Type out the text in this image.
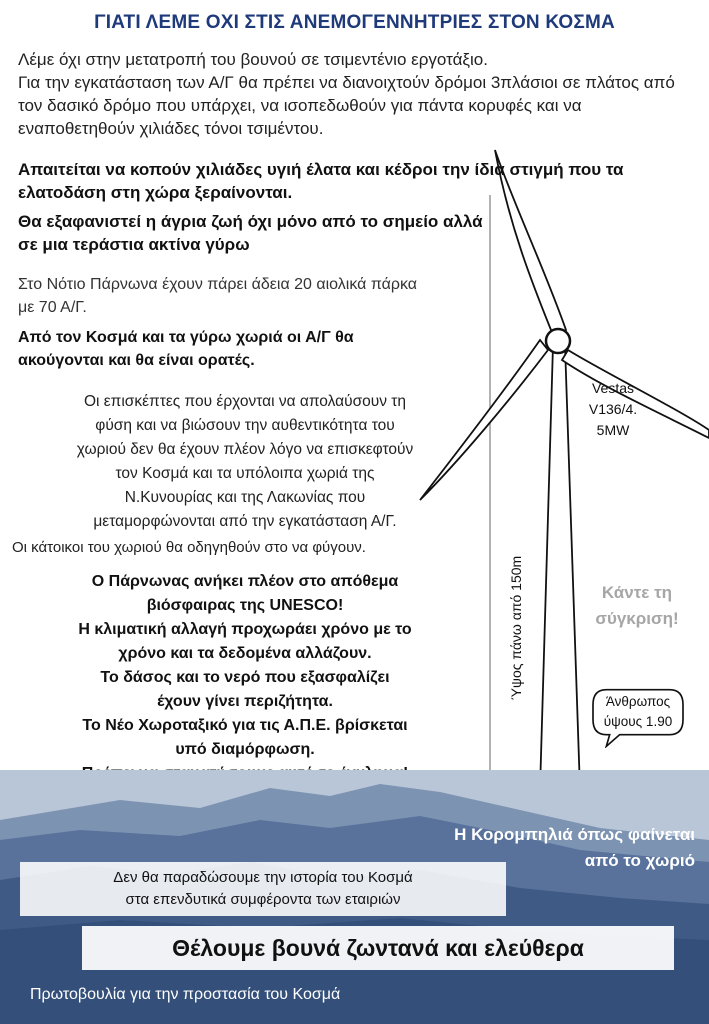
ΓΙΑΤΙ ΛΕΜΕ ΟΧΙ ΣΤΙΣ ΑΝΕΜΟΓΕΝΝΗΤΡΙΕΣ ΣΤΟΝ ΚΟΣΜΑ
Λέμε όχι στην μετατροπή του βουνού σε τσιμεντένιο εργοτάξιο.
Για την εγκατάσταση των Α/Γ θα πρέπει να διανοιχτούν δρόμοι 3πλάσιοι σε πλάτος από τον δασικό δρόμο που υπάρχει, να ισοπεδωθούν για πάντα κορυφές και να εναποθετηθούν χιλιάδες τόνοι τσιμέντου.
Απαιτείται να κοπούν χιλιάδες υγιή έλατα και κέδροι την ίδια στιγμή που τα ελατοδάση στη χώρα ξεραίνονται.
Θα εξαφανιστεί η άγρια ζωή όχι μόνο από το σημείο αλλά σε μια τεράστια ακτίνα γύρω
Στο Νότιο Πάρνωνα έχουν πάρει άδεια 20 αιολικά πάρκα με 70 Α/Γ.
Από τον Κοσμά και τα γύρω χωριά οι Α/Γ θα ακούγονται και θα είναι ορατές.
Οι επισκέπτες που έρχονται να απολαύσουν τη
φύση και να βιώσουν την αυθεντικότητα του
χωριού δεν θα έχουν πλέον λόγο να επισκεφτούν
τον Κοσμά και τα υπόλοιπα χωριά της
Ν.Κυνουρίας και της Λακωνίας που
μεταμορφώνονται από την εγκατάσταση Α/Γ.
Οι κάτοικοι του χωριού θα οδηγηθούν στο να φύγουν.
Ο Πάρνωνας ανήκει πλέον στο απόθεμα
βιόσφαιρας της UNESCO!
Η κλιματική αλλαγή προχωράει χρόνο με το
χρόνο και τα δεδομένα αλλάζουν.
Το δάσος και το νερό που εξασφαλίζει
έχουν γίνει περιζήτητα.
Το Νέο Χωροταξικό για τις Α.Π.Ε. βρίσκεται
υπό διαμόρφωση.
Vestas
V136/4.
5MW
Ύψος πάνω από 150m	Κάντε τη
σύγκριση!
Άνθρωπος
ύψους 1.90
Η Κορομπηλιά όπως φαίνεται
από το χωριό
Δεν θα παραδώσουμε την ιστορία του Κοσμά
στα επενδυτικά συμφέροντα των εταιριών
Θέλουμε βουνά ζωντανά και ελεύθερα
Πρωτοβουλία για την προστασία του Κοσμά
